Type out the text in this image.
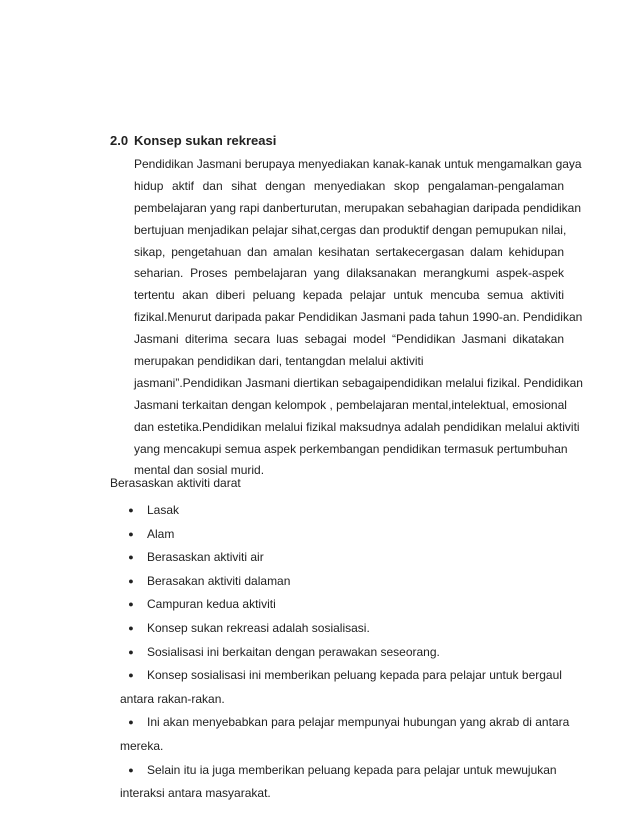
2.0 Konsep sukan rekreasi
Pendidikan Jasmani berupaya menyediakan kanak-kanak untuk mengamalkan gaya
hidup aktif dan sihat dengan menyediakan skop pengalaman-pengalaman
pembelajaran yang rapi danberturutan, merupakan sebahagian daripada pendidikan
bertujuan menjadikan pelajar sihat,cergas dan produktif dengan pemupukan nilai,
sikap, pengetahuan dan amalan kesihatan sertakecergasan dalam kehidupan
seharian. Proses pembelajaran yang dilaksanakan merangkumi aspek-aspek
tertentu akan diberi peluang kepada pelajar untuk mencuba semua aktiviti
fizikal.Menurut daripada pakar Pendidikan Jasmani pada tahun 1990-an. Pendidikan
Jasmani diterima secara luas sebagai model “Pendidikan Jasmani dikatakan
merupakan pendidikan dari, tentangdan melalui aktiviti
jasmani”.Pendidikan Jasmani diertikan sebagaipendidikan melalui fizikal. Pendidikan
Jasmani terkaitan dengan kelompok , pembelajaran mental,intelektual, emosional
dan estetika.Pendidikan melalui fizikal maksudnya adalah pendidikan melalui aktiviti
yang mencakupi semua aspek perkembangan pendidikan termasuk pertumbuhan
mental dan sosial murid.
Berasaskan aktiviti darat
● Lasak
● Alam
● Berasaskan aktiviti air
● Berasakan aktiviti dalaman
● Campuran kedua aktiviti
● Konsep sukan rekreasi adalah sosialisasi.
● Sosialisasi ini berkaitan dengan perawakan seseorang.
● Konsep sosialisasi ini memberikan peluang kepada para pelajar untuk bergaul
antara rakan-rakan.
● Ini akan menyebabkan para pelajar mempunyai hubungan yang akrab di antara
mereka.
● Selain itu ia juga memberikan peluang kepada para pelajar untuk mewujukan
interaksi antara masyarakat.
